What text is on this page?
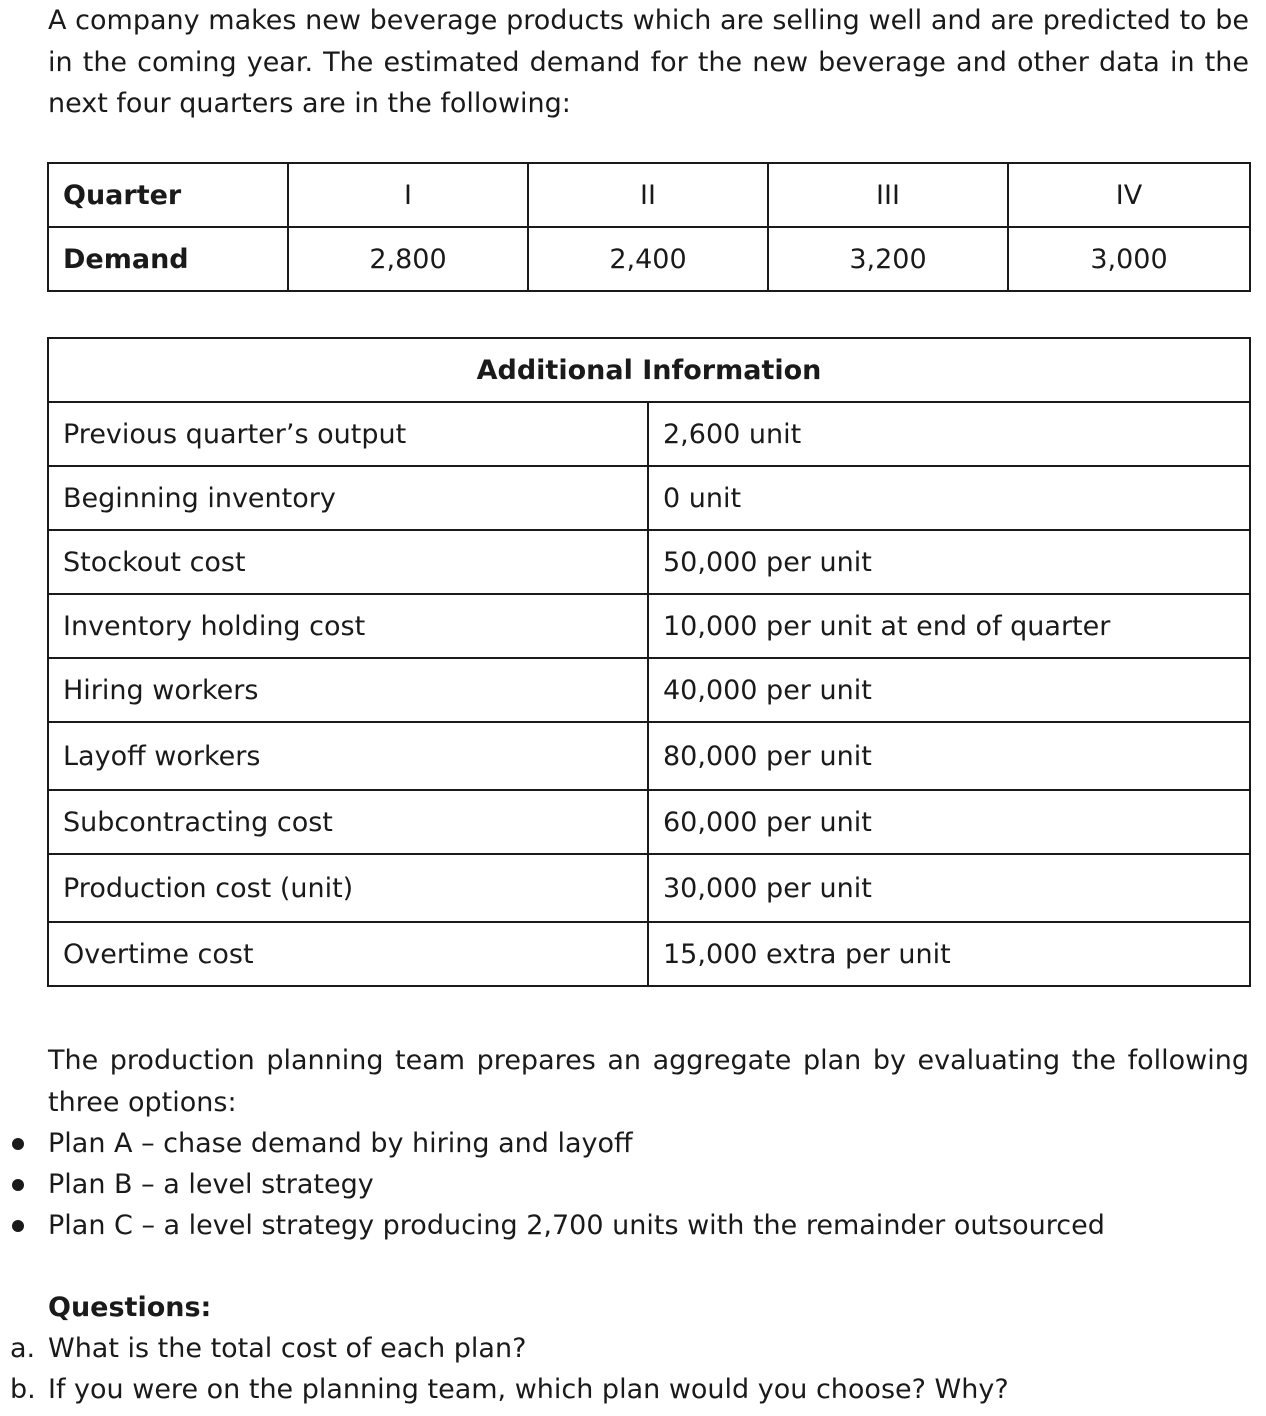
A company makes new beverage products which are selling well and are predicted to be in the coming year. The estimated demand for the new beverage and other data in the next four quarters are in the following:

Quarter	I	II	III	IV
Demand	2,800	2,400	3,200	3,000
Additional Information	
Previous quarter’s output	2,600 unit
Beginning inventory	0 unit
Stockout cost	50,000 per unit
Inventory holding cost	10,000 per unit at end of quarter
Hiring workers	40,000 per unit
Layoff workers	80,000 per unit
Subcontracting cost	60,000 per unit
Production cost (unit)	30,000 per unit
Overtime cost	15,000 extra per unit

The production planning team prepares an aggregate plan by evaluating the following three options:

Plan A – chase demand by hiring and layoff
Plan B – a level strategy
Plan C – a level strategy producing 2,700 units with the remainder outsourced

Questions:

a. What is the total cost of each plan?
b. If you were on the planning team, which plan would you choose? Why?
